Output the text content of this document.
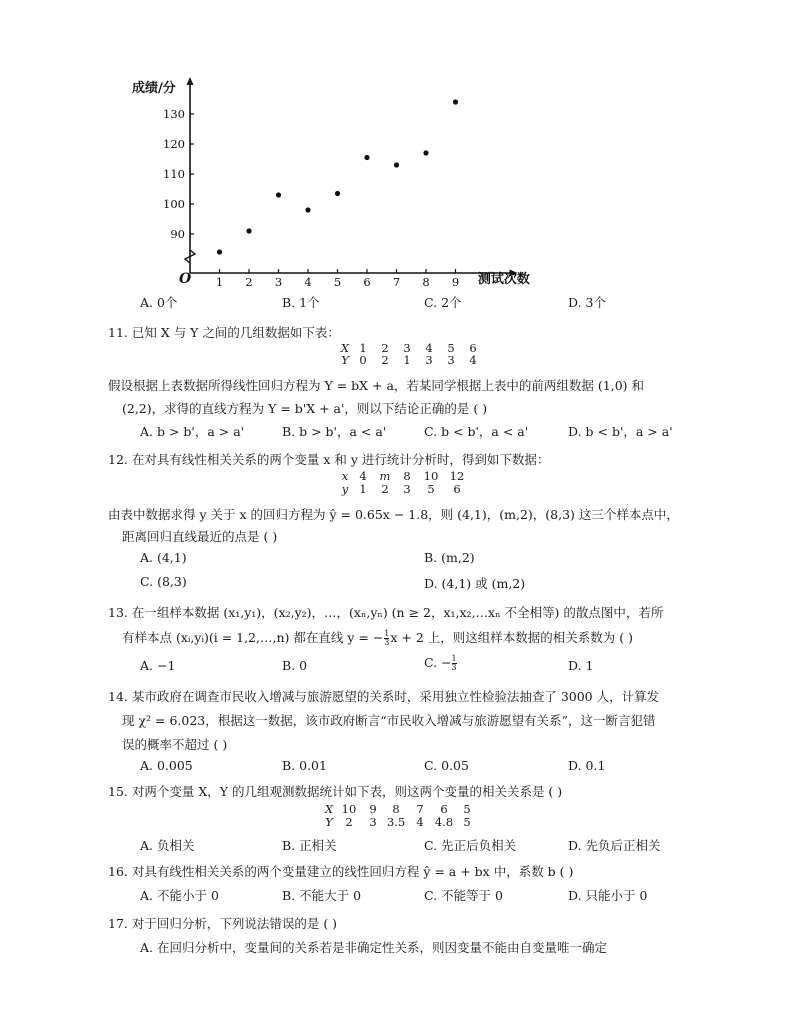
成绩/分
测试次数
O 1 2 3 4 5 6 7 8 9
90
100
110
120
130
A. 0个	B. 1个	C. 2个	D. 3个
11. 已知 X 与 Y 之间的几组数据如下表：
X 1 2 3 4 5 6
Y 0 2 1 3 3 4
假设根据上表数据所得线性回归方程为 Y = bX + a，若某同学根据上表中的前两组数据 (1,0) 和
(2,2)，求得的直线方程为 Y = b'X + a'，则以下结论正确的是 ( )
A. b > b'，a > a'	B. b > b'，a < a'	C. b < b'，a < a'	D. b < b'，a > a'
12. 在对具有线性相关关系的两个变量 x 和 y 进行统计分析时，得到如下数据：
x 4 m 8 10 12
y 1 2 3 5 6
由表中数据求得 y 关于 x 的回归方程为 ŷ = 0.65x − 1.8，则 (4,1)，(m,2)，(8,3) 这三个样本点中，
距离回归直线最近的点是 ( )
A. (4,1)	B. (m,2)
C. (8,3)	D. (4,1) 或 (m,2)
13. 在一组样本数据 (x₁,y₁)，(x₂,y₂)，…，(xₙ,yₙ) (n ≥ 2，x₁,x₂,…xₙ 不全相等) 的散点图中，若所
有样本点 (xᵢ,yᵢ)(i = 1,2,…,n) 都在直线 y = − $\frac{1}{3}$ x + 2 上，则这组样本数据的相关系数为 ( )
A. −1	B. 0	C. − $\frac{1}{3}$	D. 1
14. 某市政府在调查市民收入增减与旅游愿望的关系时，采用独立性检验法抽查了 3000 人，计算发
现 χ² = 6.023，根据这一数据，该市政府断言“市民收入增减与旅游愿望有关系”，这一断言犯错
误的概率不超过 ( )
A. 0.005	B. 0.01	C. 0.05	D. 0.1
15. 对两个变量 X，Y 的几组观测数据统计如下表，则这两个变量的相关关系是 ( )
X 10 9 8 7 6 5
Y 2 3 3.5 4 4.8 5
A. 负相关	B. 正相关	C. 先正后负相关	D. 先负后正相关
16. 对具有线性相关关系的两个变量建立的线性回归方程 ŷ = a + bx 中，系数 b ( )
A. 不能小于 0	B. 不能大于 0	C. 不能等于 0	D. 只能小于 0
17. 对于回归分析，下列说法错误的是 ( )
A. 在回归分析中，变量间的关系若是非确定性关系，则因变量不能由自变量唯一确定
